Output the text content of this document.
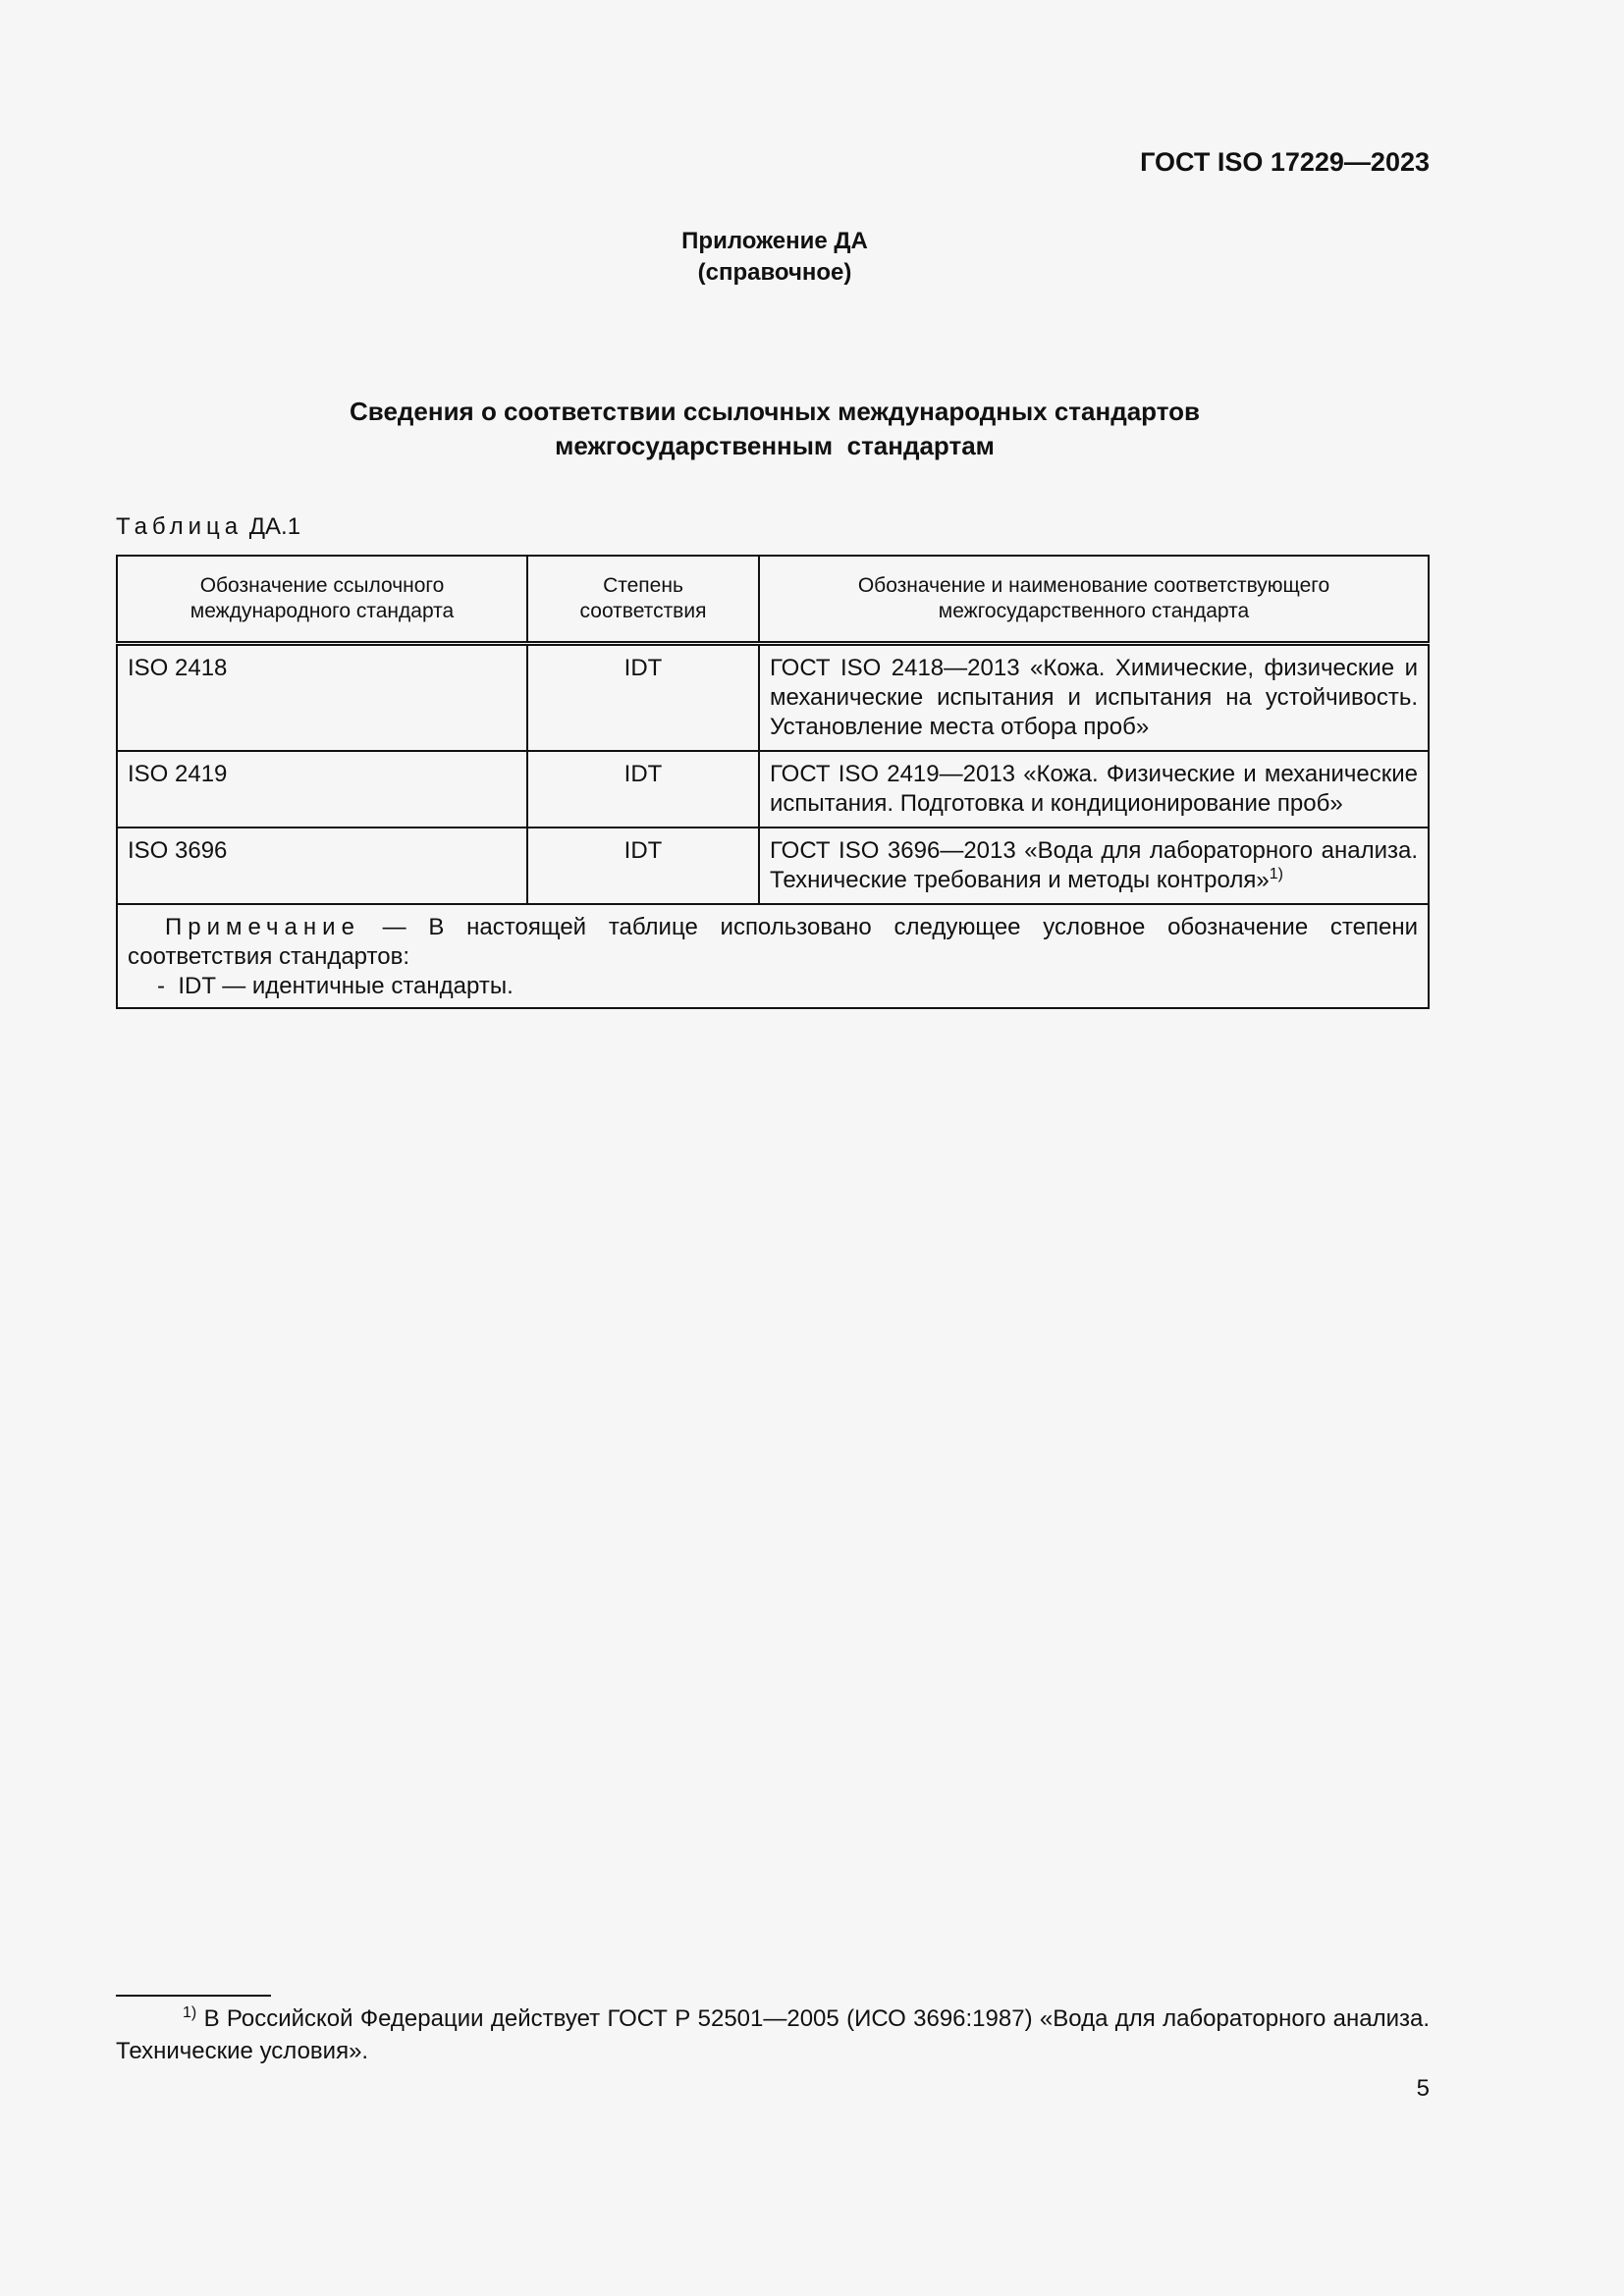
ГОСТ ISO 17229—2023
Приложение ДА
(справочное)
Сведения о соответствии ссылочных международных стандартов
межгосударственным  стандартам
Таблица ДА.1
Обозначение ссылочного международного стандарта	Степень соответствия	Обозначение и наименование соответствующего межгосударственного стандарта
ISO 2418	IDT	ГОСТ ISO 2418—2013 «Кожа. Химические, физические и механические испытания и испытания на устойчивость. Установление места отбора проб»
ISO 2419	IDT	ГОСТ ISO 2419—2013 «Кожа. Физические и механические испытания. Подготовка и кондиционирование проб»
ISO 3696	IDT	ГОСТ ISO 3696—2013 «Вода для лабораторного анализа. Технические требования и методы контроля»$^{1)}$

Примечание — В настоящей таблице использовано следующее условное обозначение степени соответствия стандартов:
-  IDT — идентичные стандарты.		
$^{1)}$ В Российской Федерации действует ГОСТ Р 52501—2005 (ИСО 3696:1987) «Вода для лабораторного анализа. Технические условия».
5
